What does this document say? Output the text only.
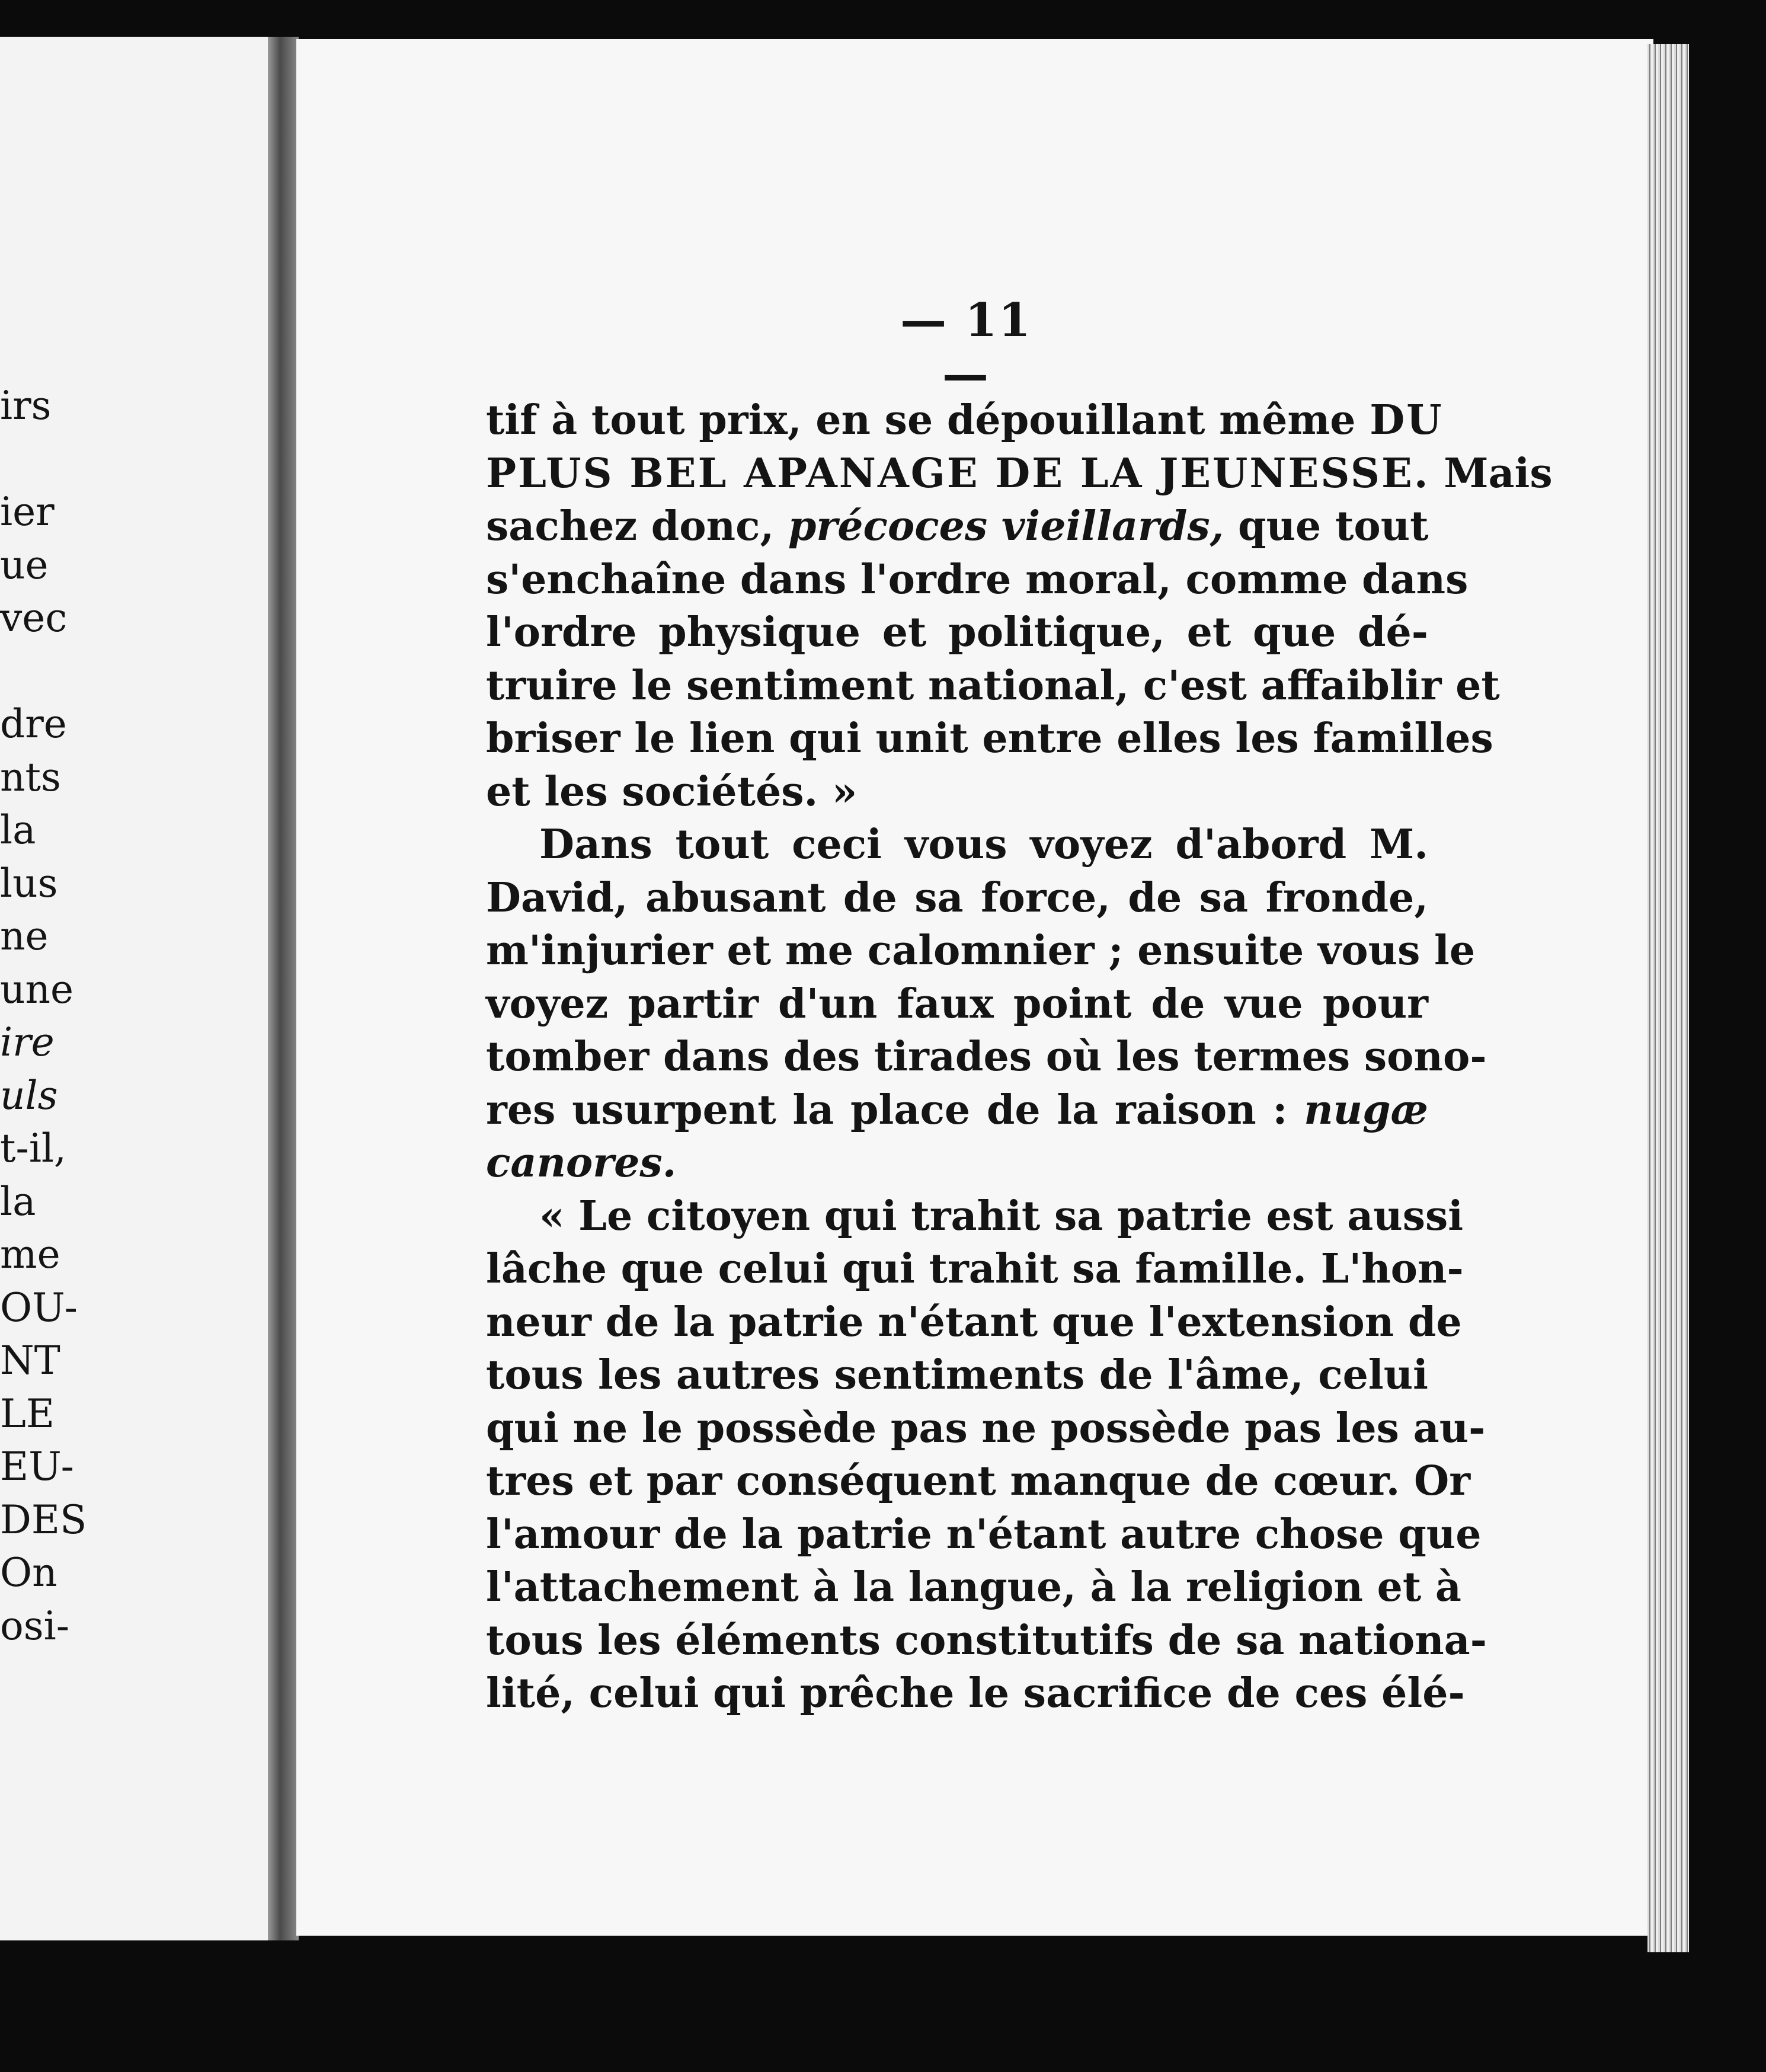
irs
ier
ue
vec
dre
nts
la
lus
ne
une
ire
uls
t-il,
la
me
OU-
NT
LE
EU-
DES
On
osi-
— 11 —
tif à tout prix, en se dépouillant même DU
PLUS BEL APANAGE DE LA JEUNESSE. Mais
sachez donc, précoces vieillards, que tout
s'enchaîne dans l'ordre moral, comme dans
l'ordre physique et politique, et que dé-
truire le sentiment national, c'est affaiblir et
briser le lien qui unit entre elles les familles
et les sociétés. »
Dans tout ceci vous voyez d'abord M.
David, abusant de sa force, de sa fronde,
m'injurier et me calomnier ; ensuite vous le
voyez partir d'un faux point de vue pour
tomber dans des tirades où les termes sono-
res usurpent la place de la raison : nugæ
canores.
« Le citoyen qui trahit sa patrie est aussi
lâche que celui qui trahit sa famille. L'hon-
neur de la patrie n'étant que l'extension de
tous les autres sentiments de l'âme, celui
qui ne le possède pas ne possède pas les au-
tres et par conséquent manque de cœur. Or
l'amour de la patrie n'étant autre chose que
l'attachement à la langue, à la religion et à
tous les éléments constitutifs de sa nationa-
lité, celui qui prêche le sacrifice de ces élé-
